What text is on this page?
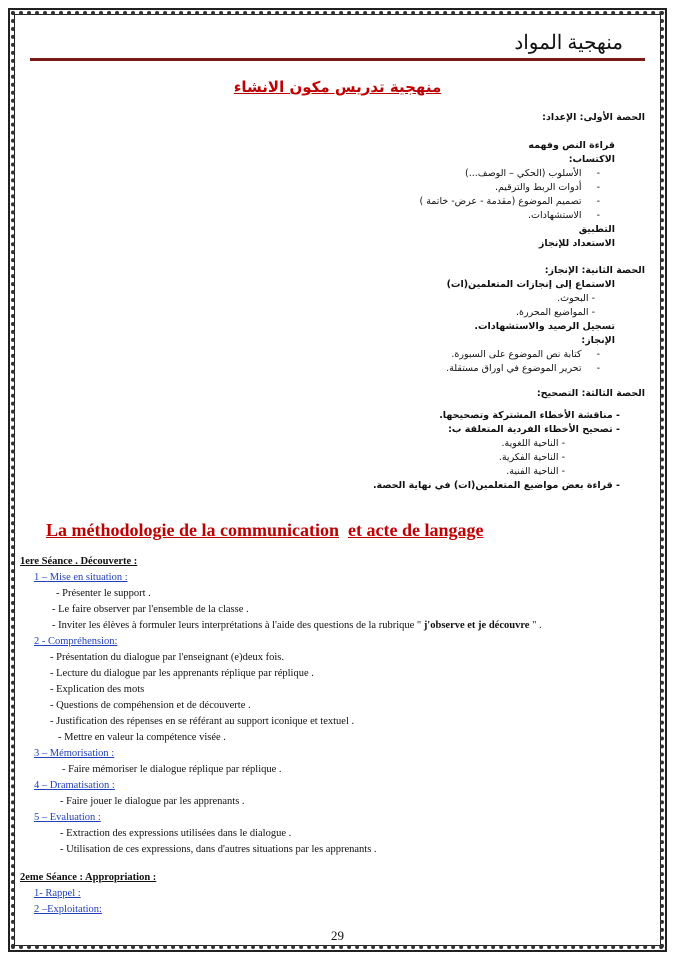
منهجية المواد
منهجية تدريس مكون الانشاء
الحصة الأولى: الإعداد:
قراءة النص وفهمه
الاكتساب:
-     الأسلوب (الحكي – الوصف...)
-     أدوات الربط والترقيم.
-     تصميم الموضوع (مقدمة - عرض- خاتمة )
-     الاستشهادات.
التطبيق
الاستعداد للإنجاز
الحصة الثانية: الإنجاز:
الاستماع إلى إنجازات المتعلمين(ات)
- البحوث.
- المواضيع المحررة.
تسجيل الرصيد والاستشهادات.
الإنجاز:
-     كتابة نص الموضوع على السبورة.
-     تحرير الموضوع في اوراق مستقلة.
الحصة الثالثة: التصحيح:
- مناقشة الأخطاء المشتركة وتصحيحها.
- تصحيح الأخطاء الفردية المتعلقة ب:
- الناحية اللغوية.
- الناحية الفكرية.
- الناحية الفنية.
- قراءة بعض مواضيع المتعلمين(ات) في نهاية الحصة.
La méthodologie de la communication et acte de langage
1ere Séance . Découverte :
1 – Mise en situation :
- Présenter le support .
- Le faire observer par l'ensemble de la classe .
- Inviter les élèves à formuler leurs interprétations à l'aide des questions de la rubrique " j'observe et je découvre " .
2 - Compréhension:
- Présentation du dialogue par l'enseignant (e)deux fois.
- Lecture du dialogue par les apprenants réplique par réplique .
- Explication des mots
- Questions de compéhension et de découverte .
- Justification des répenses en se référant au support iconique et textuel .
- Mettre en valeur la compétence visée .
3 – Mémorisation :
- Faire mémoriser le dialogue réplique par réplique .
4 – Dramatisation :
- Faire jouer le dialogue par les apprenants .
5 – Evaluation :
- Extraction des expressions utilisées dans le dialogue .
- Utilisation de ces expressions, dans d'autres situations par les apprenants .
2eme Séance : Appropriation :
1- Rappel :
2 –Exploitation:
29
